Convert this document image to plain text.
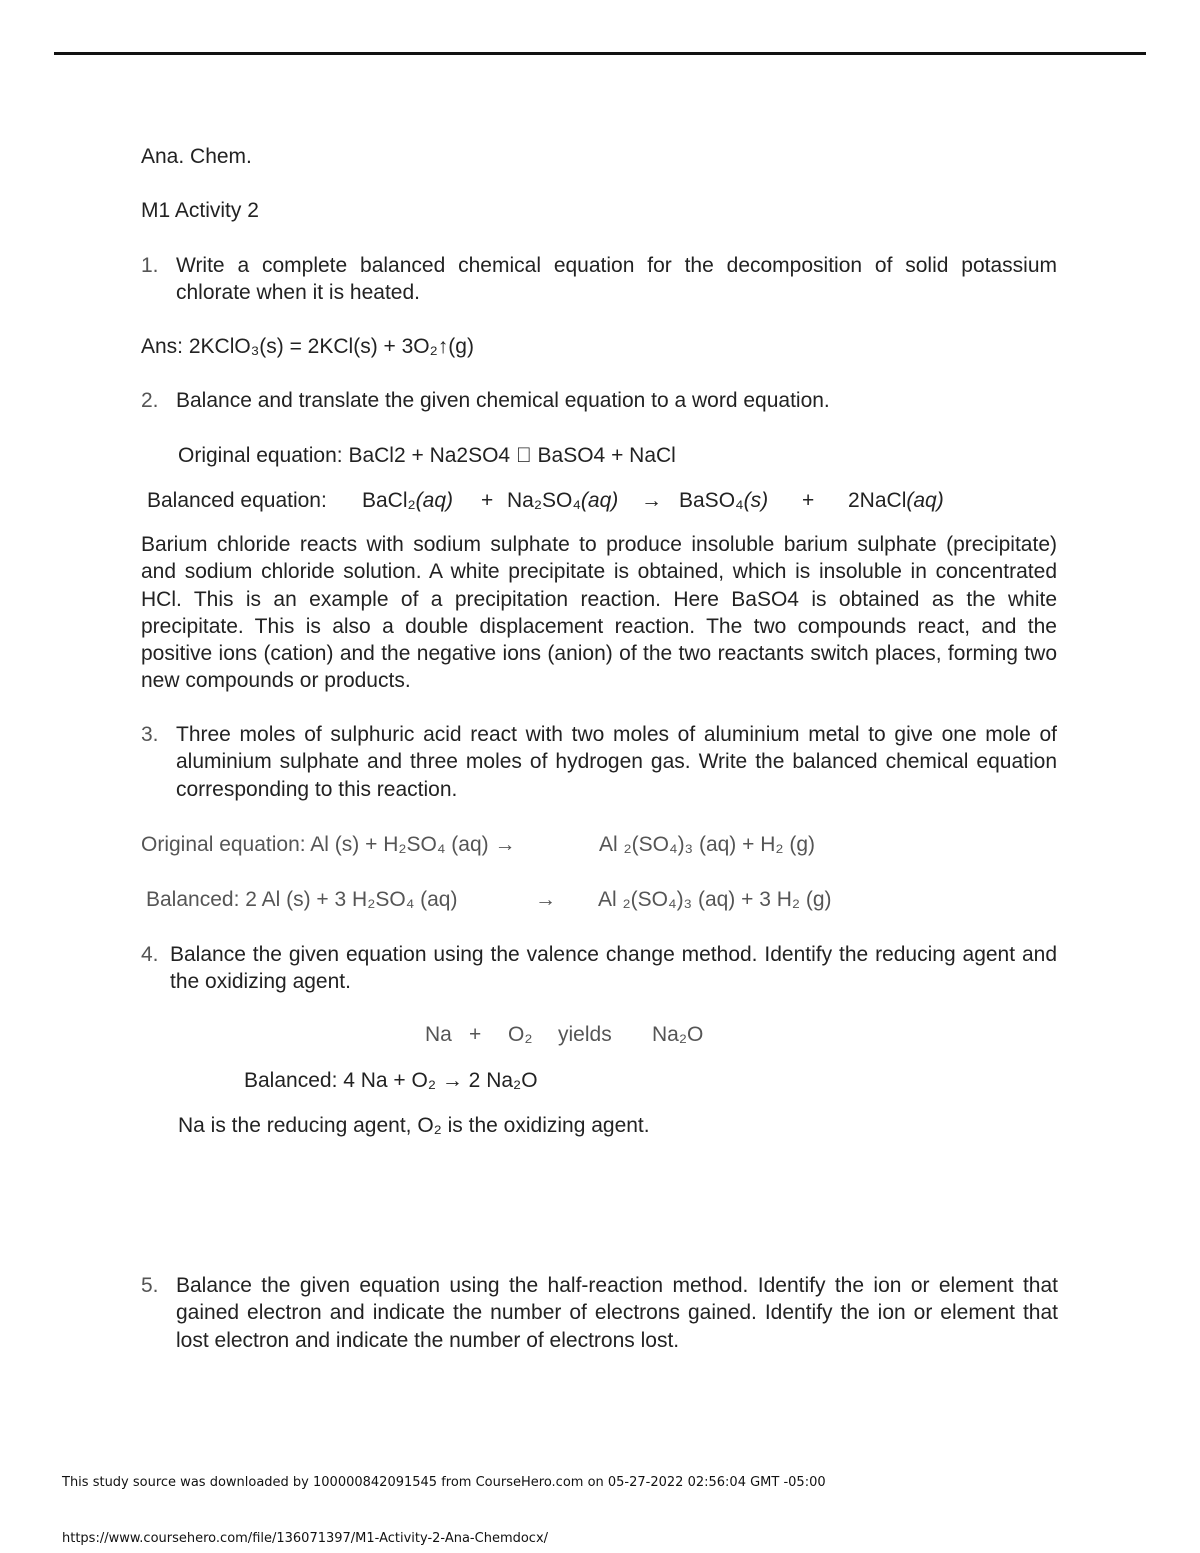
Ana. Chem.
M1 Activity 2
1. Write a complete balanced chemical equation for the decomposition of solid potassium chlorate when it is heated.
Ans: 2KClO₃(s) = 2KCl(s) + 3O₂↑(g)
2. Balance and translate the given chemical equation to a word equation.
Original equation: BaCl2 + Na2SO4 BaSO4 + NaCl
Balanced equation: BaCl₂(aq) + Na₂SO₄(aq) → BaSO₄(s) + 2NaCl(aq)
Barium chloride reacts with sodium sulphate to produce insoluble barium sulphate (precipitate) and sodium chloride solution. A white precipitate is obtained, which is insoluble in concentrated HCl. This is an example of a precipitation reaction. Here BaSO4 is obtained as the white precipitate. This is also a double displacement reaction. The two compounds react, and the positive ions (cation) and the negative ions (anion) of the two reactants switch places, forming two new compounds or products.
3. Three moles of sulphuric acid react with two moles of aluminium metal to give one mole of aluminium sulphate and three moles of hydrogen gas. Write the balanced chemical equation corresponding to this reaction.
Original equation: Al (s) + H₂SO₄ (aq) →	Al ₂(SO₄)₃ (aq) + H₂ (g)
Balanced: 2 Al (s) + 3 H₂SO₄ (aq)	→ Al ₂(SO₄)₃ (aq) + 3 H₂ (g)
4. Balance the given equation using the valence change method. Identify the reducing agent and the oxidizing agent.
Na + O₂ yields Na₂O
Balanced: 4 Na + O₂ → 2 Na₂O
Na is the reducing agent, O₂ is the oxidizing agent.
5. Balance the given equation using the half-reaction method. Identify the ion or element that gained electron and indicate the number of electrons gained. Identify the ion or element that lost electron and indicate the number of electrons lost.
This study source was downloaded by 100000842091545 from CourseHero.com on 05-27-2022 02:56:04 GMT -05:00
https://www.coursehero.com/file/136071397/M1-Activity-2-Ana-Chemdocx/
